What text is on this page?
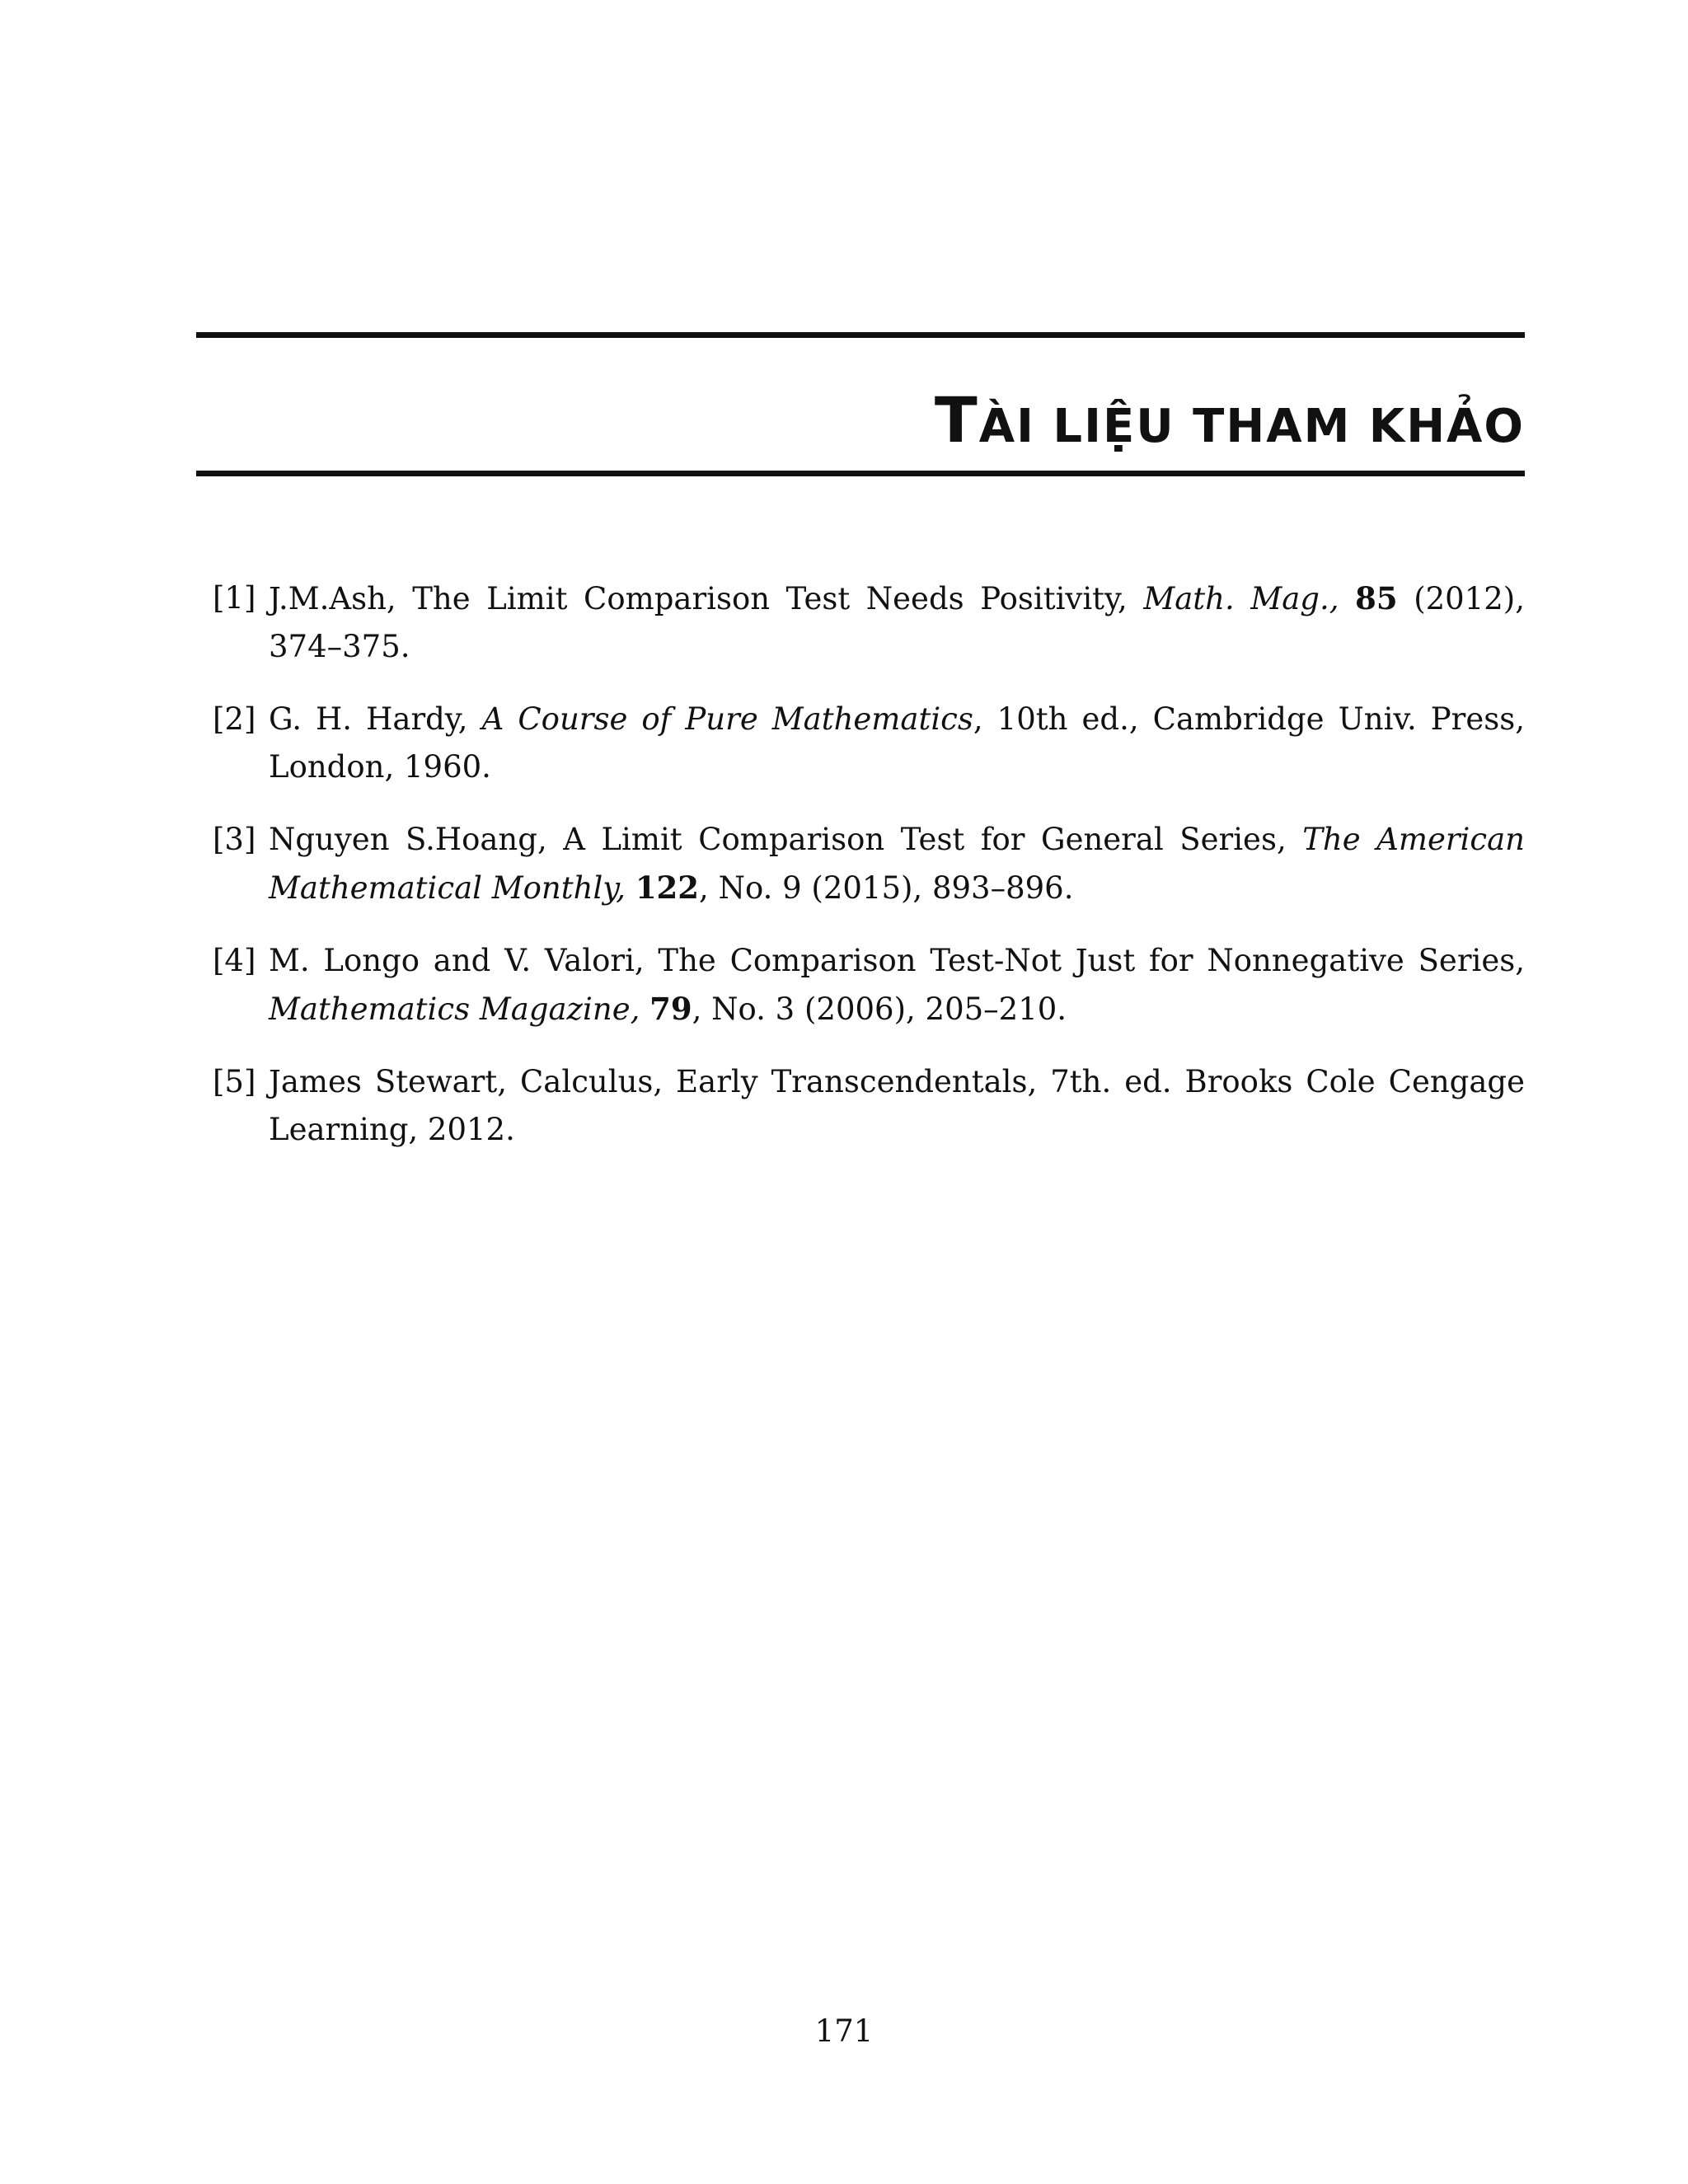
TÀI LIỆU THAM KHẢO
[1] J.M.Ash, The Limit Comparison Test Needs Positivity, Math. Mag., 85 (2012), 374–375.
[2] G. H. Hardy, A Course of Pure Mathematics, 10th ed., Cambridge Univ. Press, London, 1960.
[3] Nguyen S.Hoang, A Limit Comparison Test for General Series, The American Mathematical Monthly, 122, No. 9 (2015), 893–896.
[4] M. Longo and V. Valori, The Comparison Test-Not Just for Nonnegative Series, Mathematics Magazine, 79, No. 3 (2006), 205–210.
[5] James Stewart, Calculus, Early Transcendentals, 7th. ed. Brooks Cole Cengage Learning, 2012.
171
